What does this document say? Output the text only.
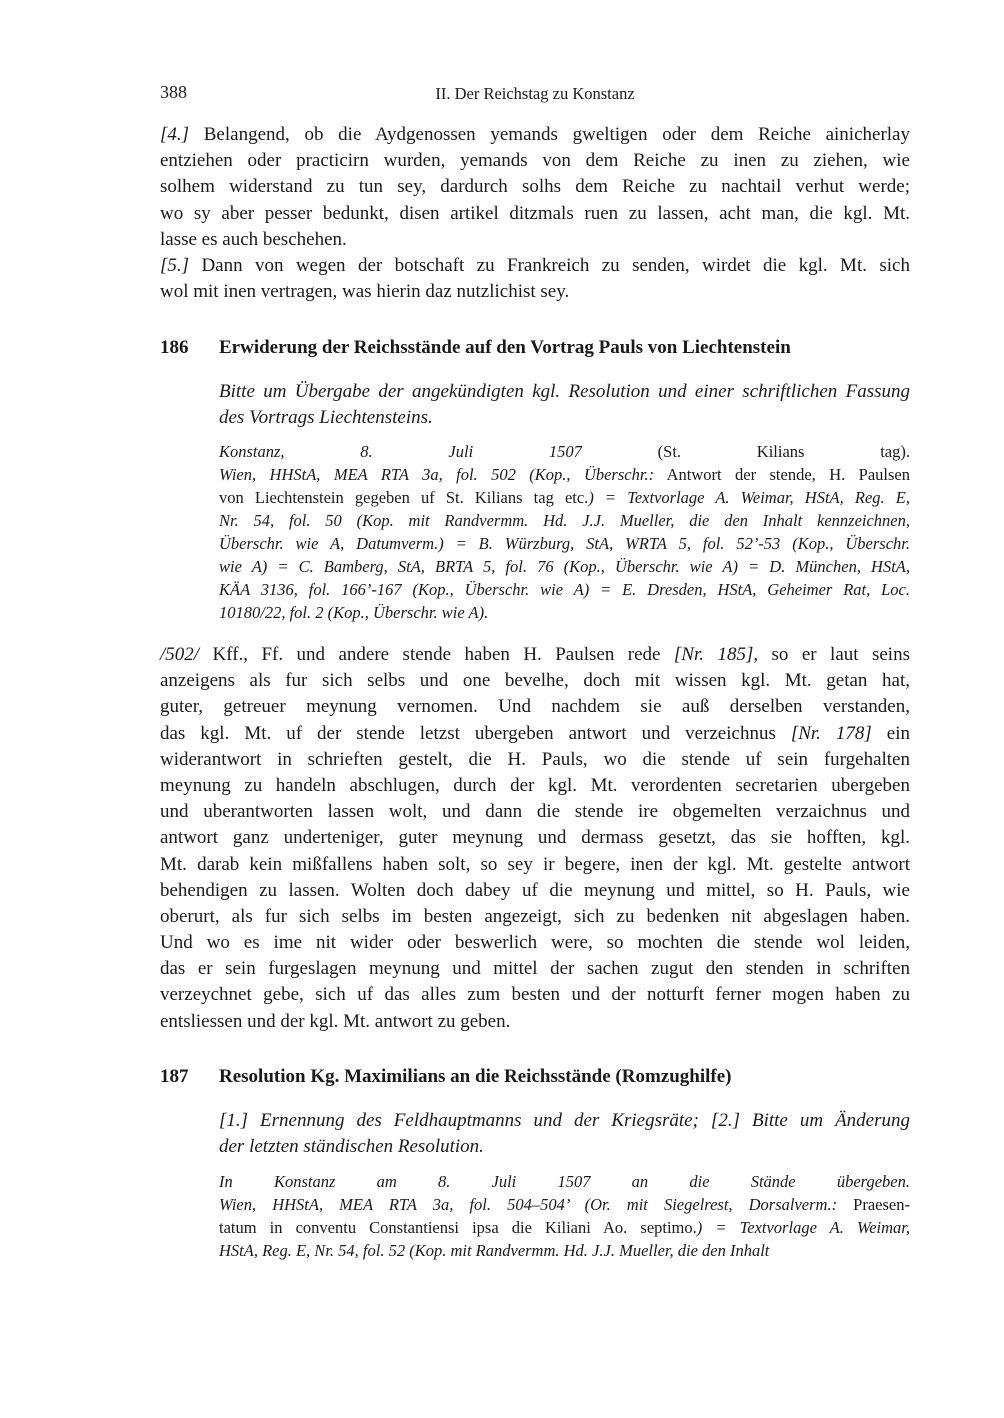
388	II. Der Reichstag zu Konstanz
[4.] Belangend, ob die Aydgenossen yemands gweltigen oder dem Reiche ainicherlay
entziehen oder practicirn wurden, yemands von dem Reiche zu inen zu ziehen, wie
solhem widerstand zu tun sey, dardurch solhs dem Reiche zu nachtail verhut werde;
wo sy aber pesser bedunkt, disen artikel ditzmals ruen zu lassen, acht man, die kgl. Mt.
lasse es auch beschehen.
[5.] Dann von wegen der botschaft zu Frankreich zu senden, wirdet die kgl. Mt. sich
wol mit inen vertragen, was hierin daz nutzlichist sey.
186 Erwiderung der Reichsstände auf den Vortrag Pauls von Liechtenstein
Bitte um Übergabe der angekündigten kgl. Resolution und einer schriftlichen Fassung
des Vortrags Liechtensteins.
Konstanz, 8. Juli 1507 (St. Kilians tag).
Wien, HHStA, MEA RTA 3a, fol. 502 (Kop., Überschr.: Antwort der stende, H. Paulsen
von Liechtenstein gegeben uf St. Kilians tag etc.) = Textvorlage A. Weimar, HStA, Reg. E,
Nr. 54, fol. 50 (Kop. mit Randvermm. Hd. J.J. Mueller, die den Inhalt kennzeichnen,
Überschr. wie A, Datumverm.) = B. Würzburg, StA, WRTA 5, fol. 52’-53 (Kop., Überschr.
wie A) = C. Bamberg, StA, BRTA 5, fol. 76 (Kop., Überschr. wie A) = D. München, HStA,
KÄA 3136, fol. 166’-167 (Kop., Überschr. wie A) = E. Dresden, HStA, Geheimer Rat, Loc.
10180/22, fol. 2 (Kop., Überschr. wie A).
/502/ Kff., Ff. und andere stende haben H. Paulsen rede [Nr. 185], so er laut seins
anzeigens als fur sich selbs und one bevelhe, doch mit wissen kgl. Mt. getan hat,
guter, getreuer meynung vernomen. Und nachdem sie auß derselben verstanden,
das kgl. Mt. uf der stende letzst ubergeben antwort und verzeichnus [Nr. 178] ein
widerantwort in schrieften gestelt, die H. Pauls, wo die stende uf sein furgehalten
meynung zu handeln abschlugen, durch der kgl. Mt. verordenten secretarien ubergeben
und uberantworten lassen wolt, und dann die stende ire obgemelten verzaichnus und
antwort ganz underteniger, guter meynung und dermass gesetzt, das sie hofften, kgl.
Mt. darab kein mißfallens haben solt, so sey ir begere, inen der kgl. Mt. gestelte antwort
behendigen zu lassen. Wolten doch dabey uf die meynung und mittel, so H. Pauls, wie
oberurt, als fur sich selbs im besten angezeigt, sich zu bedenken nit abgeslagen haben.
Und wo es ime nit wider oder beswerlich were, so mochten die stende wol leiden,
das er sein furgeslagen meynung und mittel der sachen zugut den stenden in schriften
verzeychnet gebe, sich uf das alles zum besten und der notturft ferner mogen haben zu
entsliessen und der kgl. Mt. antwort zu geben.
187 Resolution Kg. Maximilians an die Reichsstände (Romzughilfe)
[1.] Ernennung des Feldhauptmanns und der Kriegsräte; [2.] Bitte um Änderung
der letzten ständischen Resolution.
In Konstanz am 8. Juli 1507 an die Stände übergeben.
Wien, HHStA, MEA RTA 3a, fol. 504–504’ (Or. mit Siegelrest, Dorsalverm.: Praesen-
tatum in conventu Constantiensi ipsa die Kiliani Ao. septimo.) = Textvorlage A. Weimar,
HStA, Reg. E, Nr. 54, fol. 52 (Kop. mit Randvermm. Hd. J.J. Mueller, die den Inhalt
